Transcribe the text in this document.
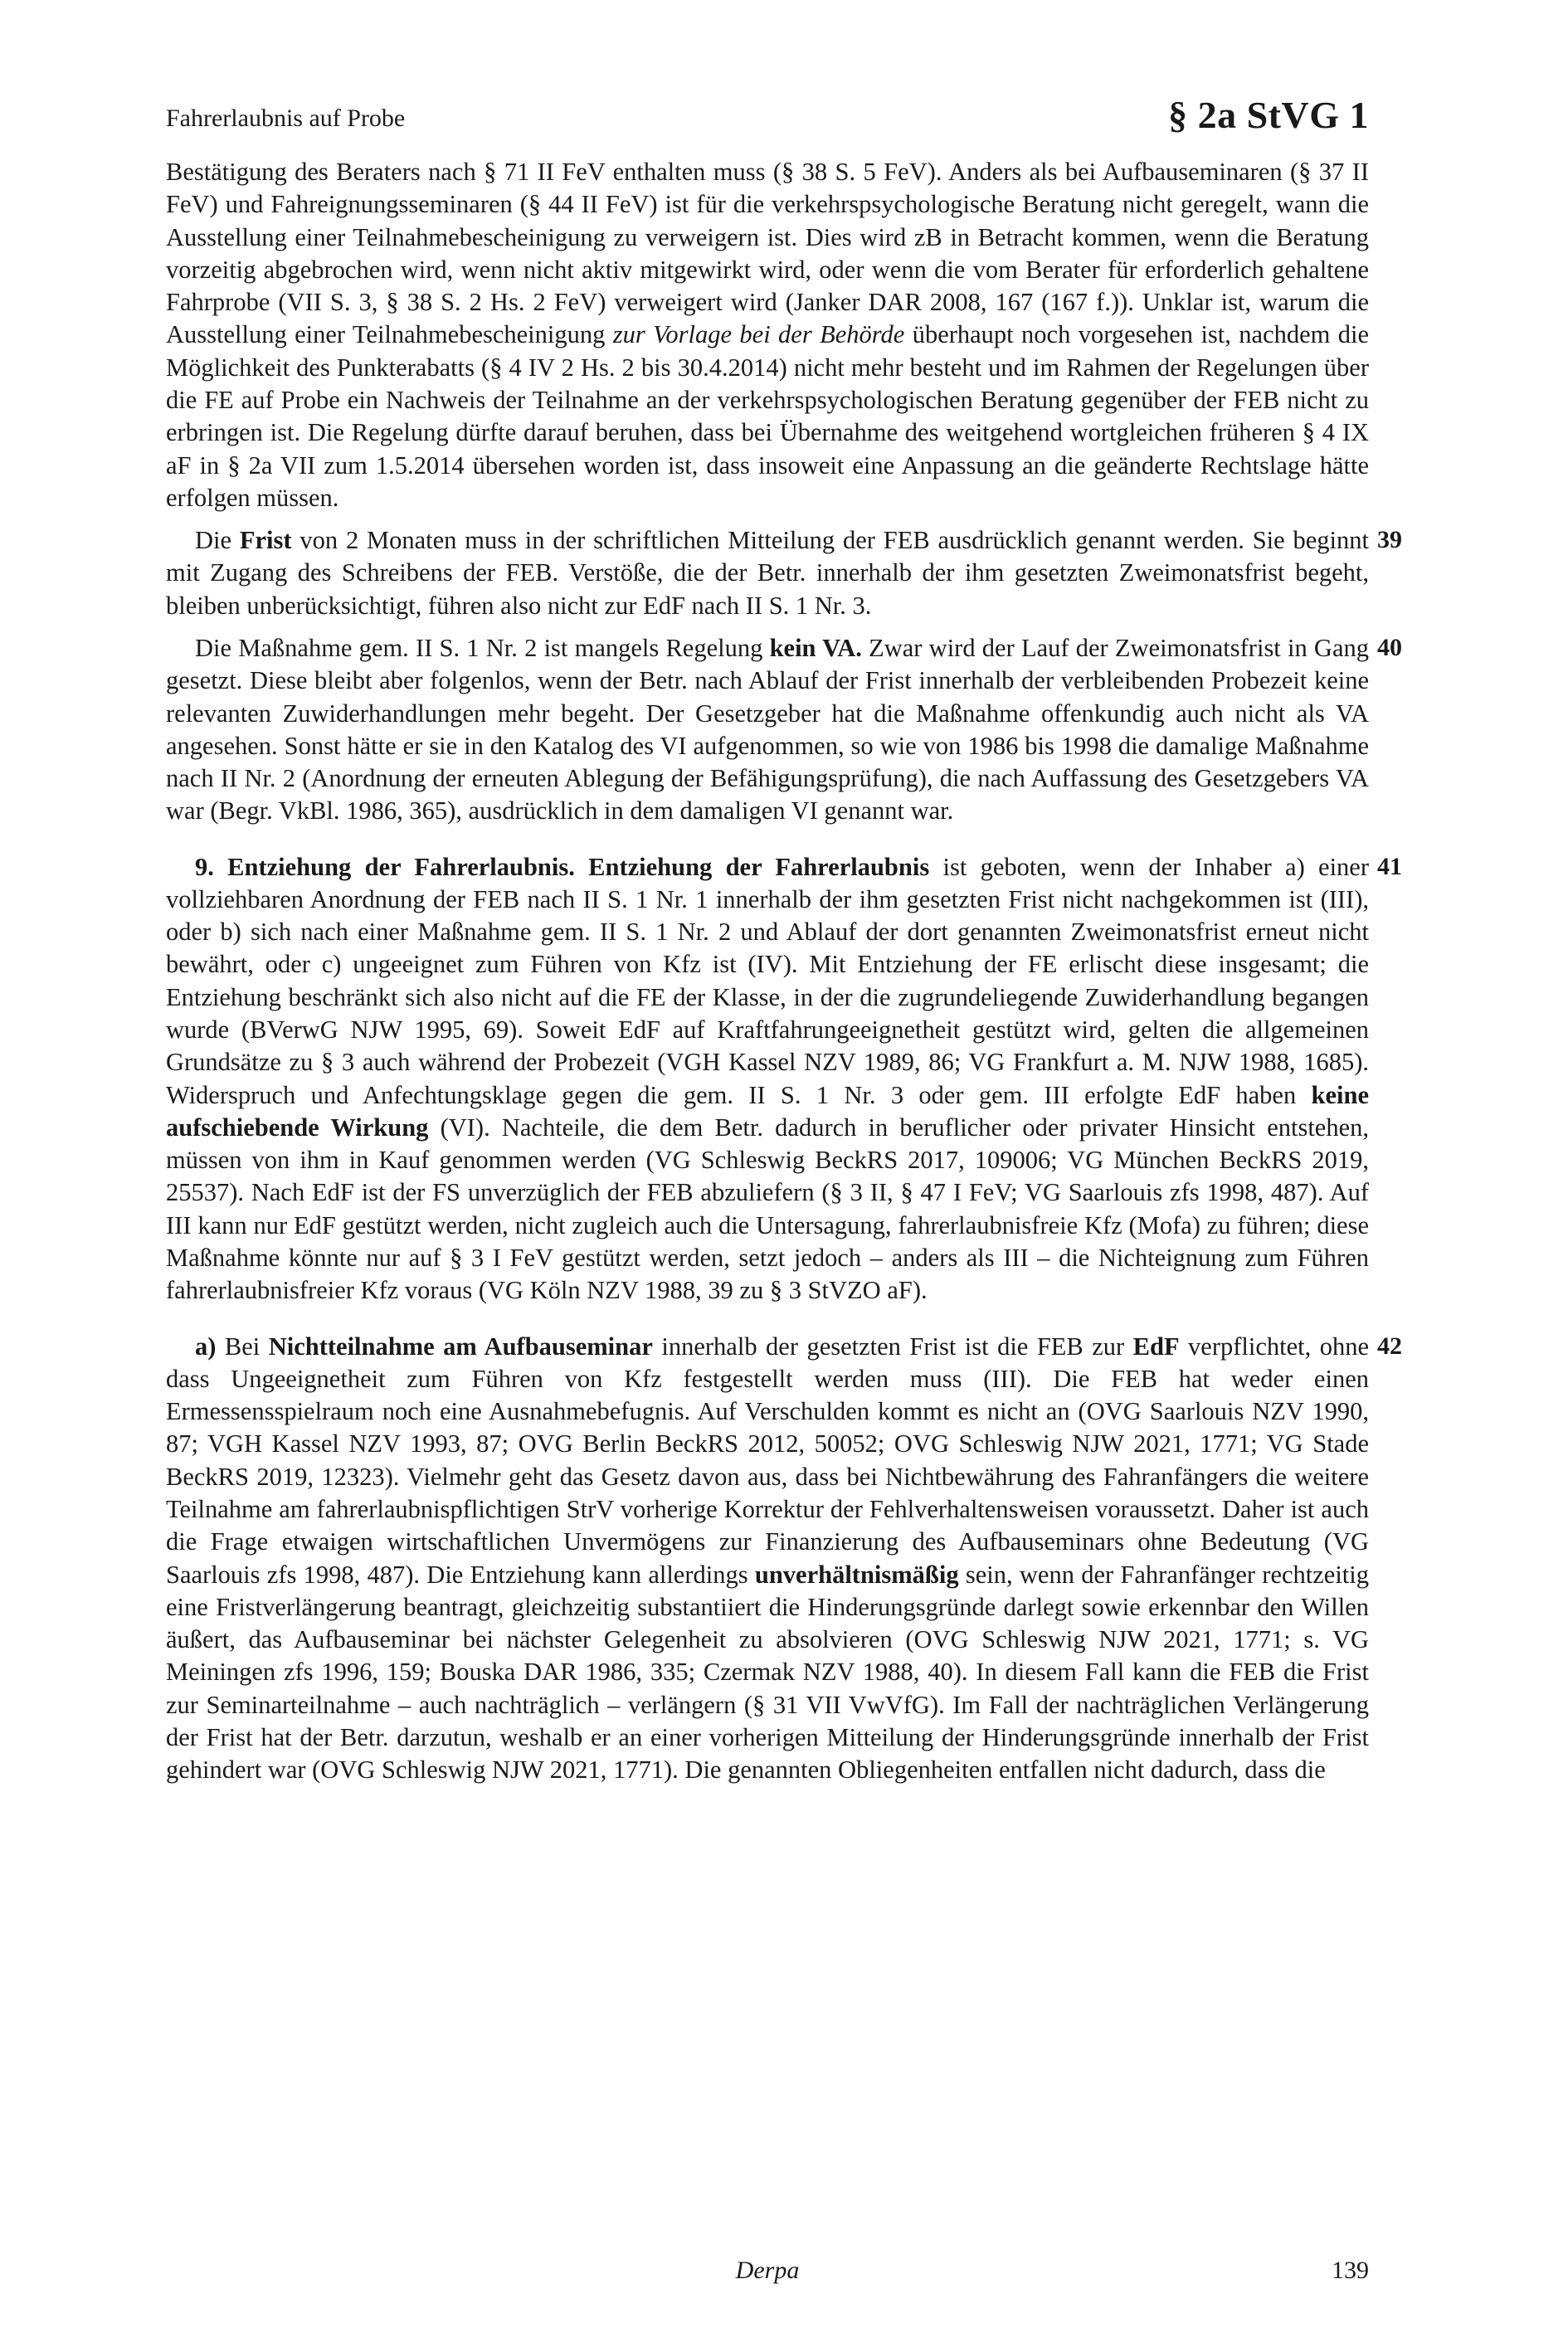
Fahrerlaubnis auf Probe	§ 2a StVG 1

Bestätigung des Beraters nach § 71 II FeV enthalten muss (§ 38 S. 5 FeV). Anders als bei Aufbauseminaren (§ 37 II FeV) und Fahreignungsseminaren (§ 44 II FeV) ist für die verkehrspsychologische Beratung nicht geregelt, wann die Ausstellung einer Teilnahmebescheinigung zu verweigern ist. Dies wird zB in Betracht kommen, wenn die Beratung vorzeitig abgebrochen wird, wenn nicht aktiv mitgewirkt wird, oder wenn die vom Berater für erforderlich gehaltene Fahrprobe (VII S. 3, § 38 S. 2 Hs. 2 FeV) verweigert wird (Janker DAR 2008, 167 (167 f.)). Unklar ist, warum die Ausstellung einer Teilnahmebescheinigung zur Vorlage bei der Behörde überhaupt noch vorgesehen ist, nachdem die Möglichkeit des Punkterabatts (§ 4 IV 2 Hs. 2 bis 30.4.2014) nicht mehr besteht und im Rahmen der Regelungen über die FE auf Probe ein Nachweis der Teilnahme an der verkehrspsychologischen Beratung gegenüber der FEB nicht zu erbringen ist. Die Regelung dürfte darauf beruhen, dass bei Übernahme des weitgehend wortgleichen früheren § 4 IX aF in § 2a VII zum 1.5.2014 übersehen worden ist, dass insoweit eine Anpassung an die geänderte Rechtslage hätte erfolgen müssen.

39
Die Frist von 2 Monaten muss in der schriftlichen Mitteilung der FEB ausdrücklich genannt werden. Sie beginnt mit Zugang des Schreibens der FEB. Verstöße, die der Betr. innerhalb der ihm gesetzten Zweimonatsfrist begeht, bleiben unberücksichtigt, führen also nicht zur EdF nach II S. 1 Nr. 3.

40
Die Maßnahme gem. II S. 1 Nr. 2 ist mangels Regelung kein VA. Zwar wird der Lauf der Zweimonatsfrist in Gang gesetzt. Diese bleibt aber folgenlos, wenn der Betr. nach Ablauf der Frist innerhalb der verbleibenden Probezeit keine relevanten Zuwiderhandlungen mehr begeht. Der Gesetzgeber hat die Maßnahme offenkundig auch nicht als VA angesehen. Sonst hätte er sie in den Katalog des VI aufgenommen, so wie von 1986 bis 1998 die damalige Maßnahme nach II Nr. 2 (Anordnung der erneuten Ablegung der Befähigungsprüfung), die nach Auffassung des Gesetzgebers VA war (Begr. VkBl. 1986, 365), ausdrücklich in dem damaligen VI genannt war.

41
9. Entziehung der Fahrerlaubnis. Entziehung der Fahrerlaubnis ist geboten, wenn der Inhaber a) einer vollziehbaren Anordnung der FEB nach II S. 1 Nr. 1 innerhalb der ihm gesetzten Frist nicht nachgekommen ist (III), oder b) sich nach einer Maßnahme gem. II S. 1 Nr. 2 und Ablauf der dort genannten Zweimonatsfrist erneut nicht bewährt, oder c) ungeeignet zum Führen von Kfz ist (IV). Mit Entziehung der FE erlischt diese insgesamt; die Entziehung beschränkt sich also nicht auf die FE der Klasse, in der die zugrundeliegende Zuwiderhandlung begangen wurde (BVerwG NJW 1995, 69). Soweit EdF auf Kraftfahrungeeignetheit gestützt wird, gelten die allgemeinen Grundsätze zu § 3 auch während der Probezeit (VGH Kassel NZV 1989, 86; VG Frankfurt a. M. NJW 1988, 1685). Widerspruch und Anfechtungsklage gegen die gem. II S. 1 Nr. 3 oder gem. III erfolgte EdF haben keine aufschiebende Wirkung (VI). Nachteile, die dem Betr. dadurch in beruflicher oder privater Hinsicht entstehen, müssen von ihm in Kauf genommen werden (VG Schleswig BeckRS 2017, 109006; VG München BeckRS 2019, 25537). Nach EdF ist der FS unverzüglich der FEB abzuliefern (§ 3 II, § 47 I FeV; VG Saarlouis zfs 1998, 487). Auf III kann nur EdF gestützt werden, nicht zugleich auch die Untersagung, fahrerlaubnisfreie Kfz (Mofa) zu führen; diese Maßnahme könnte nur auf § 3 I FeV gestützt werden, setzt jedoch – anders als III – die Nichteignung zum Führen fahrerlaubnisfreier Kfz voraus (VG Köln NZV 1988, 39 zu § 3 StVZO aF).

42
a) Bei Nichtteilnahme am Aufbauseminar innerhalb der gesetzten Frist ist die FEB zur EdF verpflichtet, ohne dass Ungeeignetheit zum Führen von Kfz festgestellt werden muss (III). Die FEB hat weder einen Ermessensspielraum noch eine Ausnahmebefugnis. Auf Verschulden kommt es nicht an (OVG Saarlouis NZV 1990, 87; VGH Kassel NZV 1993, 87; OVG Berlin BeckRS 2012, 50052; OVG Schleswig NJW 2021, 1771; VG Stade BeckRS 2019, 12323). Vielmehr geht das Gesetz davon aus, dass bei Nichtbewährung des Fahranfängers die weitere Teilnahme am fahrerlaubnispflichtigen StrV vorherige Korrektur der Fehlverhaltensweisen voraussetzt. Daher ist auch die Frage etwaigen wirtschaftlichen Unvermögens zur Finanzierung des Aufbauseminars ohne Bedeutung (VG Saarlouis zfs 1998, 487). Die Entziehung kann allerdings unverhältnismäßig sein, wenn der Fahranfänger rechtzeitig eine Fristverlängerung beantragt, gleichzeitig substantiiert die Hinderungsgründe darlegt sowie erkennbar den Willen äußert, das Aufbauseminar bei nächster Gelegenheit zu absolvieren (OVG Schleswig NJW 2021, 1771; s. VG Meiningen zfs 1996, 159; Bouska DAR 1986, 335; Czermak NZV 1988, 40). In diesem Fall kann die FEB die Frist zur Seminarteilnahme – auch nachträglich – verlängern (§ 31 VII VwVfG). Im Fall der nachträglichen Verlängerung der Frist hat der Betr. darzutun, weshalb er an einer vorherigen Mitteilung der Hinderungsgründe innerhalb der Frist gehindert war (OVG Schleswig NJW 2021, 1771). Die genannten Obliegenheiten entfallen nicht dadurch, dass die

Derpa	139
